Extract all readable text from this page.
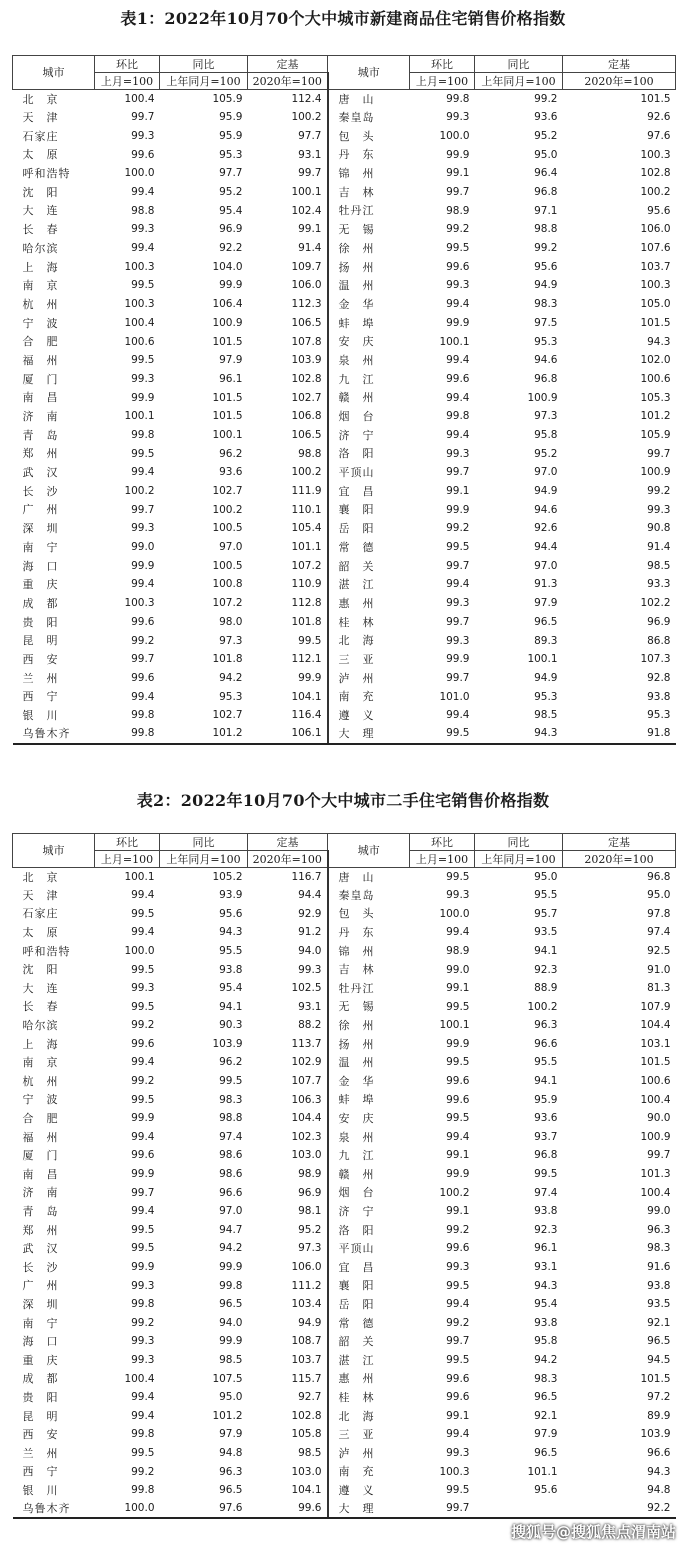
表1：2022年10月70个大中城市新建商品住宅销售价格指数
城市	环比	同比	定基	城市	环比	同比	定基
	上月=100	上年同月=100	2020年=100		上月=100	上年同月=100	2020年=100
北　京	100.4	105.9	112.4	唐　山	99.8	99.2	101.5
天　津	99.7	95.9	100.2	秦皇岛	99.3	93.6	92.6
石家庄	99.3	95.9	97.7	包　头	100.0	95.2	97.6
太　原	99.6	95.3	93.1	丹　东	99.9	95.0	100.3
呼和浩特	100.0	97.7	99.7	锦　州	99.1	96.4	102.8
沈　阳	99.4	95.2	100.1	吉　林	99.7	96.8	100.2
大　连	98.8	95.4	102.4	牡丹江	98.9	97.1	95.6
长　春	99.3	96.9	99.1	无　锡	99.2	98.8	106.0
哈尔滨	99.4	92.2	91.4	徐　州	99.5	99.2	107.6
上　海	100.3	104.0	109.7	扬　州	99.6	95.6	103.7
南　京	99.5	99.9	106.0	温　州	99.3	94.9	100.3
杭　州	100.3	106.4	112.3	金　华	99.4	98.3	105.0
宁　波	100.4	100.9	106.5	蚌　埠	99.9	97.5	101.5
合　肥	100.6	101.5	107.8	安　庆	100.1	95.3	94.3
福　州	99.5	97.9	103.9	泉　州	99.4	94.6	102.0
厦　门	99.3	96.1	102.8	九　江	99.6	96.8	100.6
南　昌	99.9	101.5	102.7	赣　州	99.4	100.9	105.3
济　南	100.1	101.5	106.8	烟　台	99.8	97.3	101.2
青　岛	99.8	100.1	106.5	济　宁	99.4	95.8	105.9
郑　州	99.5	96.2	98.8	洛　阳	99.3	95.2	99.7
武　汉	99.4	93.6	100.2	平顶山	99.7	97.0	100.9
长　沙	100.2	102.7	111.9	宜　昌	99.1	94.9	99.2
广　州	99.7	100.2	110.1	襄　阳	99.9	94.6	99.3
深　圳	99.3	100.5	105.4	岳　阳	99.2	92.6	90.8
南　宁	99.0	97.0	101.1	常　德	99.5	94.4	91.4
海　口	99.9	100.5	107.2	韶　关	99.7	97.0	98.5
重　庆	99.4	100.8	110.9	湛　江	99.4	91.3	93.3
成　都	100.3	107.2	112.8	惠　州	99.3	97.9	102.2
贵　阳	99.6	98.0	101.8	桂　林	99.7	96.5	96.9
昆　明	99.2	97.3	99.5	北　海	99.3	89.3	86.8
西　安	99.7	101.8	112.1	三　亚	99.9	100.1	107.3
兰　州	99.6	94.2	99.9	泸　州	99.7	94.9	92.8
西　宁	99.4	95.3	104.1	南　充	101.0	95.3	93.8
银　川	99.8	102.7	116.4	遵　义	99.4	98.5	95.3
乌鲁木齐	99.8	101.2	106.1	大　理	99.5	94.3	91.8
表2：2022年10月70个大中城市二手住宅销售价格指数
城市	环比	同比	定基	城市	环比	同比	定基
	上月=100	上年同月=100	2020年=100		上月=100	上年同月=100	2020年=100
北　京	100.1	105.2	116.7	唐　山	99.5	95.0	96.8
天　津	99.4	93.9	94.4	秦皇岛	99.3	95.5	95.0
石家庄	99.5	95.6	92.9	包　头	100.0	95.7	97.8
太　原	99.4	94.3	91.2	丹　东	99.4	93.5	97.4
呼和浩特	100.0	95.5	94.0	锦　州	98.9	94.1	92.5
沈　阳	99.5	93.8	99.3	吉　林	99.0	92.3	91.0
大　连	99.3	95.4	102.5	牡丹江	99.1	88.9	81.3
长　春	99.5	94.1	93.1	无　锡	99.5	100.2	107.9
哈尔滨	99.2	90.3	88.2	徐　州	100.1	96.3	104.4
上　海	99.6	103.9	113.7	扬　州	99.9	96.6	103.1
南　京	99.4	96.2	102.9	温　州	99.5	95.5	101.5
杭　州	99.2	99.5	107.7	金　华	99.6	94.1	100.6
宁　波	99.5	98.3	106.3	蚌　埠	99.6	95.9	100.4
合　肥	99.9	98.8	104.4	安　庆	99.5	93.6	90.0
福　州	99.4	97.4	102.3	泉　州	99.4	93.7	100.9
厦　门	99.6	98.6	103.0	九　江	99.1	96.8	99.7
南　昌	99.9	98.6	98.9	赣　州	99.9	99.5	101.3
济　南	99.7	96.6	96.9	烟　台	100.2	97.4	100.4
青　岛	99.4	97.0	98.1	济　宁	99.1	93.8	99.0
郑　州	99.5	94.7	95.2	洛　阳	99.2	92.3	96.3
武　汉	99.5	94.2	97.3	平顶山	99.6	96.1	98.3
长　沙	99.9	99.9	106.0	宜　昌	99.3	93.1	91.6
广　州	99.3	99.8	111.2	襄　阳	99.5	94.3	93.8
深　圳	99.8	96.5	103.4	岳　阳	99.4	95.4	93.5
南　宁	99.2	94.0	94.9	常　德	99.2	93.8	92.1
海　口	99.3	99.9	108.7	韶　关	99.7	95.8	96.5
重　庆	99.3	98.5	103.7	湛　江	99.5	94.2	94.5
成　都	100.4	107.5	115.7	惠　州	99.6	98.3	101.5
贵　阳	99.4	95.0	92.7	桂　林	99.6	96.5	97.2
昆　明	99.4	101.2	102.8	北　海	99.1	92.1	89.9
西　安	99.8	97.9	105.8	三　亚	99.4	97.9	103.9
兰　州	99.5	94.8	98.5	泸　州	99.3	96.5	96.6
西　宁	99.2	96.3	103.0	南　充	100.3	101.1	94.3
银　川	99.8	96.5	104.1	遵　义	99.5	95.6	94.8
乌鲁木齐	100.0	97.6	99.6	大　理	99.7		92.2
搜狐号@搜狐焦点渭南站
